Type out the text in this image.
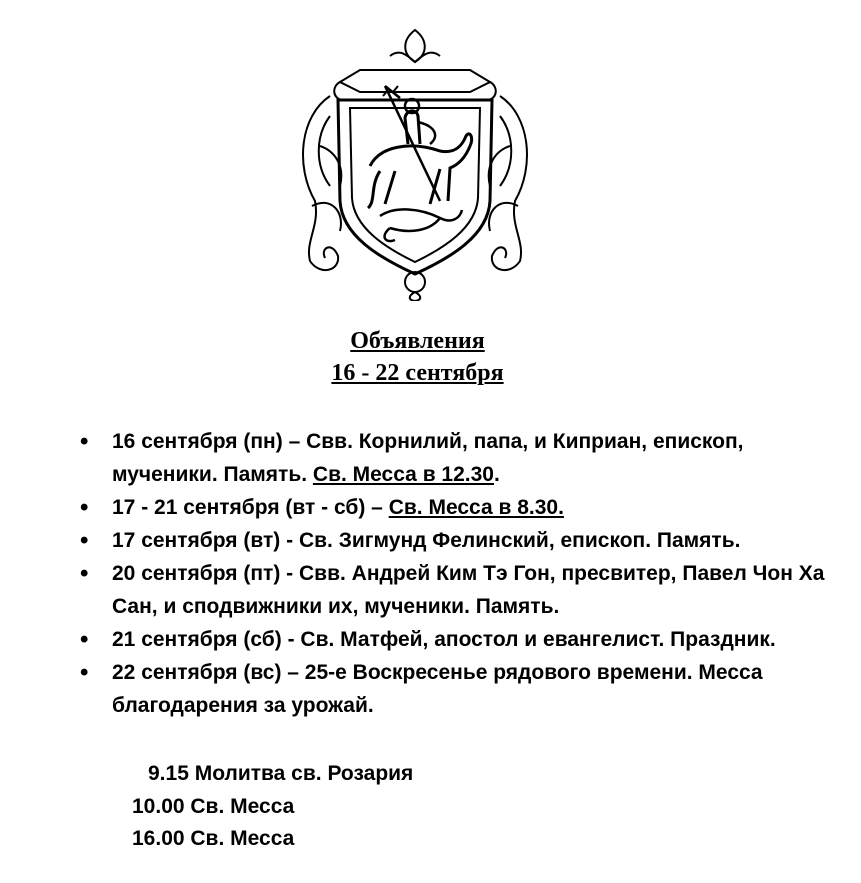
Объявления
16 - 22 сентября
• 16 сентября (пн) – Свв. Корнилий, папа, и Киприан, епископ, мученики. Память. Св. Месса в 12.30.
• 17 - 21 сентября (вт - сб) – Св. Месса в 8.30.
• 17 сентября (вт) - Св. Зигмунд Фелинский, епископ. Память.
• 20 сентября (пт) - Свв. Андрей Ким Тэ Гон, пресвитер, Павел Чон Ха Сан, и сподвижники их, мученики. Память.
• 21 сентября (сб) - Св. Матфей, апостол и евангелист. Праздник.
• 22 сентября (вс) – 25-е Воскресенье рядового времени. Месса благодарения за урожай.
9.15 Молитва св. Розария
10.00 Св. Месса
16.00 Св. Месса
